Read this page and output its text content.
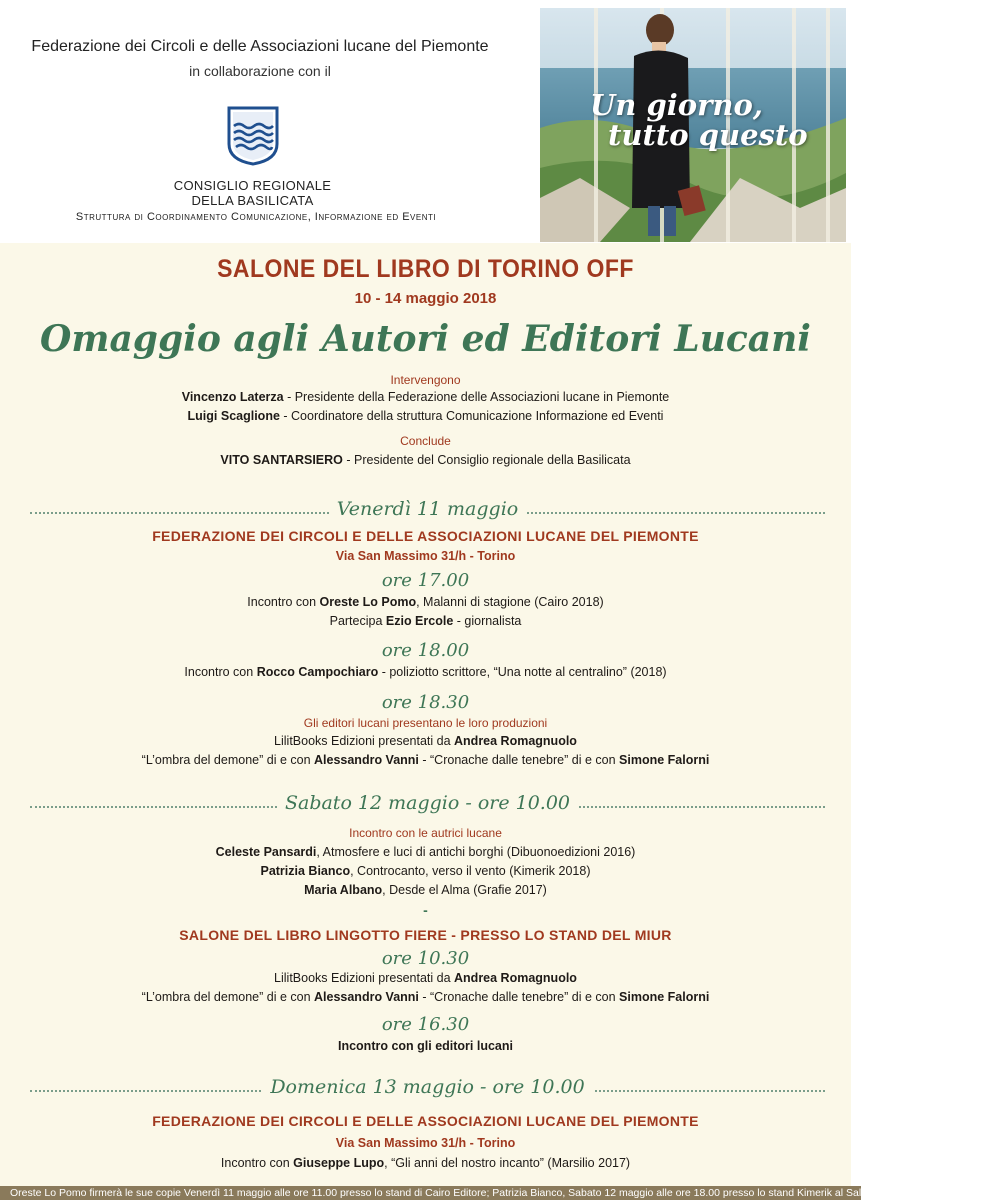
Federazione dei Circoli e delle Associazioni lucane del Piemonte
in collaborazione con il
CONSIGLIO REGIONALE
DELLA BASILICATA
Struttura di Coordinamento Comunicazione, Informazione ed Eventi
Un giorno,
tutto questo
SALONE DEL LIBRO DI TORINO OFF
10 - 14 maggio 2018
Omaggio agli Autori ed Editori Lucani
Intervengono
Vincenzo Laterza - Presidente della Federazione delle Associazioni lucane in Piemonte
Luigi Scaglione - Coordinatore della struttura Comunicazione Informazione ed Eventi
Conclude
VITO SANTARSIERO - Presidente del Consiglio regionale della Basilicata
Venerdì 11 maggio
FEDERAZIONE DEI CIRCOLI E DELLE ASSOCIAZIONI LUCANE DEL PIEMONTE
Via San Massimo 31/h - Torino
ore 17.00
Incontro con Oreste Lo Pomo, Malanni di stagione (Cairo 2018)
Partecipa Ezio Ercole - giornalista
ore 18.00
Incontro con Rocco Campochiaro - poliziotto scrittore, “Una notte al centralino” (2018)
ore 18.30
Gli editori lucani presentano le loro produzioni
LilitBooks Edizioni presentati da Andrea Romagnuolo
“L’ombra del demone” di e con Alessandro Vanni - “Cronache dalle tenebre” di e con Simone Falorni
Sabato 12 maggio - ore 10.00
Incontro con le autrici lucane
Celeste Pansardi, Atmosfere e luci di antichi borghi (Dibuonoedizioni 2016)
Patrizia Bianco, Controcanto, verso il vento (Kimerik 2018)
Maria Albano, Desde el Alma (Grafie 2017)
-
SALONE DEL LIBRO LINGOTTO FIERE - PRESSO LO STAND DEL MIUR
ore 10.30
LilitBooks Edizioni presentati da Andrea Romagnuolo
“L’ombra del demone” di e con Alessandro Vanni - “Cronache dalle tenebre” di e con Simone Falorni
ore 16.30
Incontro con gli editori lucani
Domenica 13 maggio - ore 10.00
FEDERAZIONE DEI CIRCOLI E DELLE ASSOCIAZIONI LUCANE DEL PIEMONTE
Via San Massimo 31/h - Torino
Incontro con Giuseppe Lupo, “Gli anni del nostro incanto” (Marsilio 2017)
Oreste Lo Pomo firmerà le sue copie Venerdì 11 maggio alle ore 11.00 presso lo stand di Cairo Editore; Patrizia Bianco, Sabato 12 maggio alle ore 18.00 presso lo stand Kimerik al Salone del Libro del Lingotto.
